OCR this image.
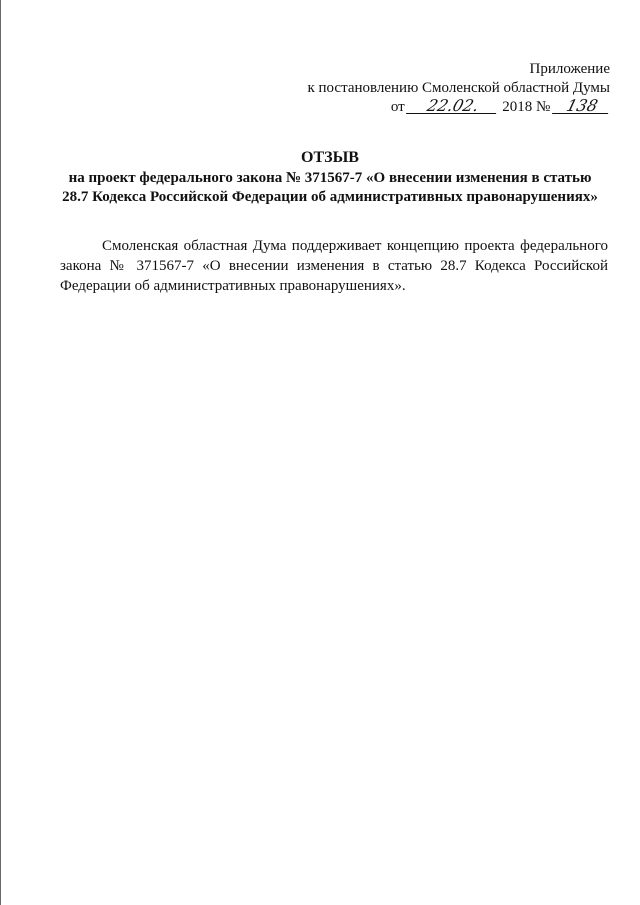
Приложение
к постановлению Смоленской областной Думы
от 22.02. 2018 № 138
ОТЗЫВ
на проект федерального закона № 371567-7 «О внесении изменения в статью 28.7 Кодекса Российской Федерации об административных правонарушениях»
Смоленская областная Дума поддерживает концепцию проекта федерального закона № 371567-7 «О внесении изменения в статью 28.7 Кодекса Российской Федерации об административных правонарушениях».
